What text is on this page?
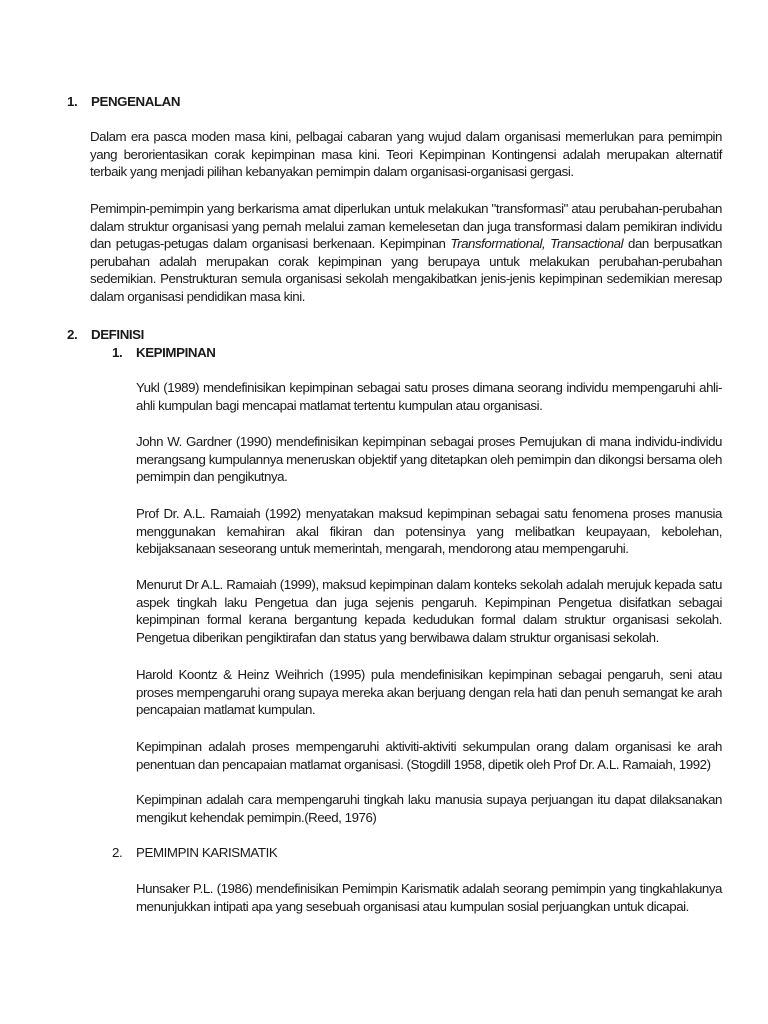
1. PENGENALAN

Dalam era pasca moden masa kini, pelbagai cabaran yang wujud dalam organisasi memerlukan para pemimpin yang berorientasikan corak kepimpinan masa kini. Teori Kepimpinan Kontingensi adalah merupakan alternatif terbaik yang menjadi pilihan kebanyakan pemimpin dalam organisasi-organisasi gergasi.

Pemimpin-pemimpin yang berkarisma amat diperlukan untuk melakukan "transformasi" atau perubahan-perubahan dalam struktur organisasi yang pernah melalui zaman kemelesetan dan juga transformasi dalam pemikiran individu dan petugas-petugas dalam organisasi berkenaan. Kepimpinan Transformational, Transactional dan berpusatkan perubahan adalah merupakan corak kepimpinan yang berupaya untuk melakukan perubahan-perubahan sedemikian. Penstrukturan semula organisasi sekolah mengakibatkan jenis-jenis kepimpinan sedemikian meresap dalam organisasi pendidikan masa kini.

2. DEFINISI
1. KEPIMPINAN

Yukl (1989) mendefinisikan kepimpinan sebagai satu proses dimana seorang individu mempengaruhi ahli-ahli kumpulan bagi mencapai matlamat tertentu kumpulan atau organisasi.

John W. Gardner (1990) mendefinisikan kepimpinan sebagai proses Pemujukan di mana individu-individu merangsang kumpulannya meneruskan objektif yang ditetapkan oleh pemimpin dan dikongsi bersama oleh pemimpin dan pengikutnya.

Prof Dr. A.L. Ramaiah (1992) menyatakan maksud kepimpinan sebagai satu fenomena proses manusia menggunakan kemahiran akal fikiran dan potensinya yang melibatkan keupayaan, kebolehan, kebijaksanaan seseorang untuk memerintah, mengarah, mendorong atau mempengaruhi.

Menurut Dr A.L. Ramaiah (1999), maksud kepimpinan dalam konteks sekolah adalah merujuk kepada satu aspek tingkah laku Pengetua dan juga sejenis pengaruh. Kepimpinan Pengetua disifatkan sebagai kepimpinan formal kerana bergantung kepada kedudukan formal dalam struktur organisasi sekolah. Pengetua diberikan pengiktirafan dan status yang berwibawa dalam struktur organisasi sekolah.

Harold Koontz & Heinz Weihrich (1995) pula mendefinisikan kepimpinan sebagai pengaruh, seni atau proses mempengaruhi orang supaya mereka akan berjuang dengan rela hati dan penuh semangat ke arah pencapaian matlamat kumpulan.

Kepimpinan adalah proses mempengaruhi aktiviti-aktiviti sekumpulan orang dalam organisasi ke arah penentuan dan pencapaian matlamat organisasi. (Stogdill 1958, dipetik oleh Prof Dr. A.L. Ramaiah, 1992)

Kepimpinan adalah cara mempengaruhi tingkah laku manusia supaya perjuangan itu dapat dilaksanakan mengikut kehendak pemimpin.(Reed, 1976)

2. PEMIMPIN KARISMATIK

Hunsaker P.L. (1986) mendefinisikan Pemimpin Karismatik adalah seorang pemimpin yang tingkahlakunya menunjukkan intipati apa yang sesebuah organisasi atau kumpulan sosial perjuangkan untuk dicapai.
